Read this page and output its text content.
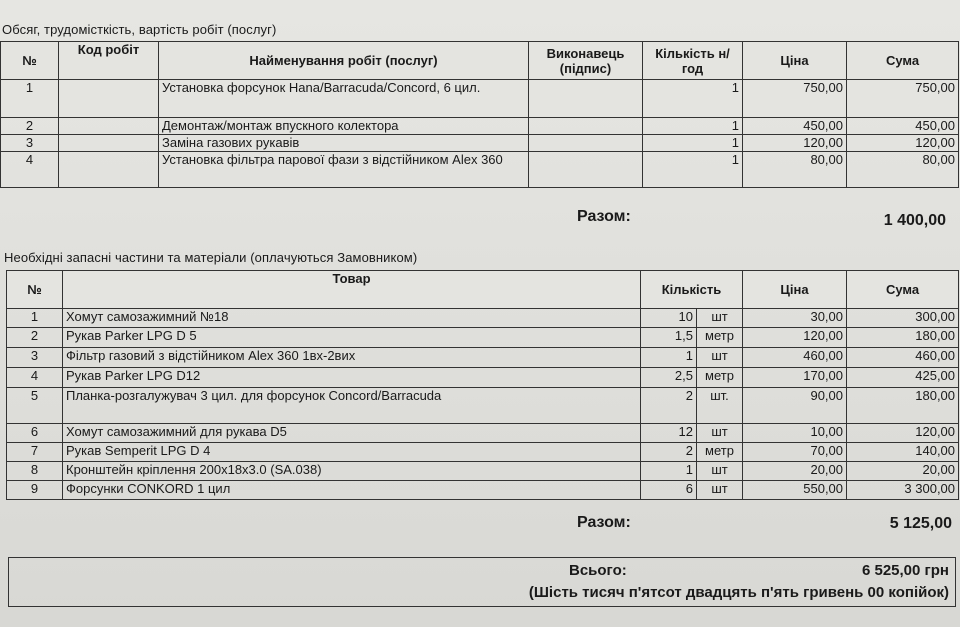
Обсяг, трудомісткість, вартість робіт (послуг)
№	Код робіт	Найменування робіт (послуг)	Виконавець (підпис)	Кількість н/год	Ціна	Сума
1		Установка форсунок Hana/Barracuda/Concord, 6 цил.		1	750,00	750,00
2		Демонтаж/монтаж впускного колектора		1	450,00	450,00
3		Заміна газових рукавів		1	120,00	120,00
4		Установка фільтра парової фази з відстійником Alex 360		1	80,00	80,00
Разом:	1 400,00
Необхідні запасні частини та матеріали (оплачуються Замовником)
№	Товар	Кількість		Ціна	Сума
1	Хомут самозажимний №18	10	шт	30,00	300,00
2	Рукав Parker LPG D 5	1,5	метр	120,00	180,00
3	Фільтр газовий з відстійником Alex 360 1вх-2вих	1	шт	460,00	460,00
4	Рукав Parker LPG D12	2,5	метр	170,00	425,00
5	Планка-розгалужувач 3 цил. для форсунок Concord/Barracuda	2	шт.	90,00	180,00
6	Хомут самозажимний для рукава D5	12	шт	10,00	120,00
7	Рукав Semperit LPG D 4	2	метр	70,00	140,00
8	Кронштейн кріплення 200х18х3.0 (SA.038)	1	шт	20,00	20,00
9	Форсунки CONKORD 1 цил	6	шт	550,00	3 300,00
Разом:	5 125,00
Всього:	6 525,00 грн
(Шість тисяч п'ятсот двадцять п'ять гривень 00 копійок)
